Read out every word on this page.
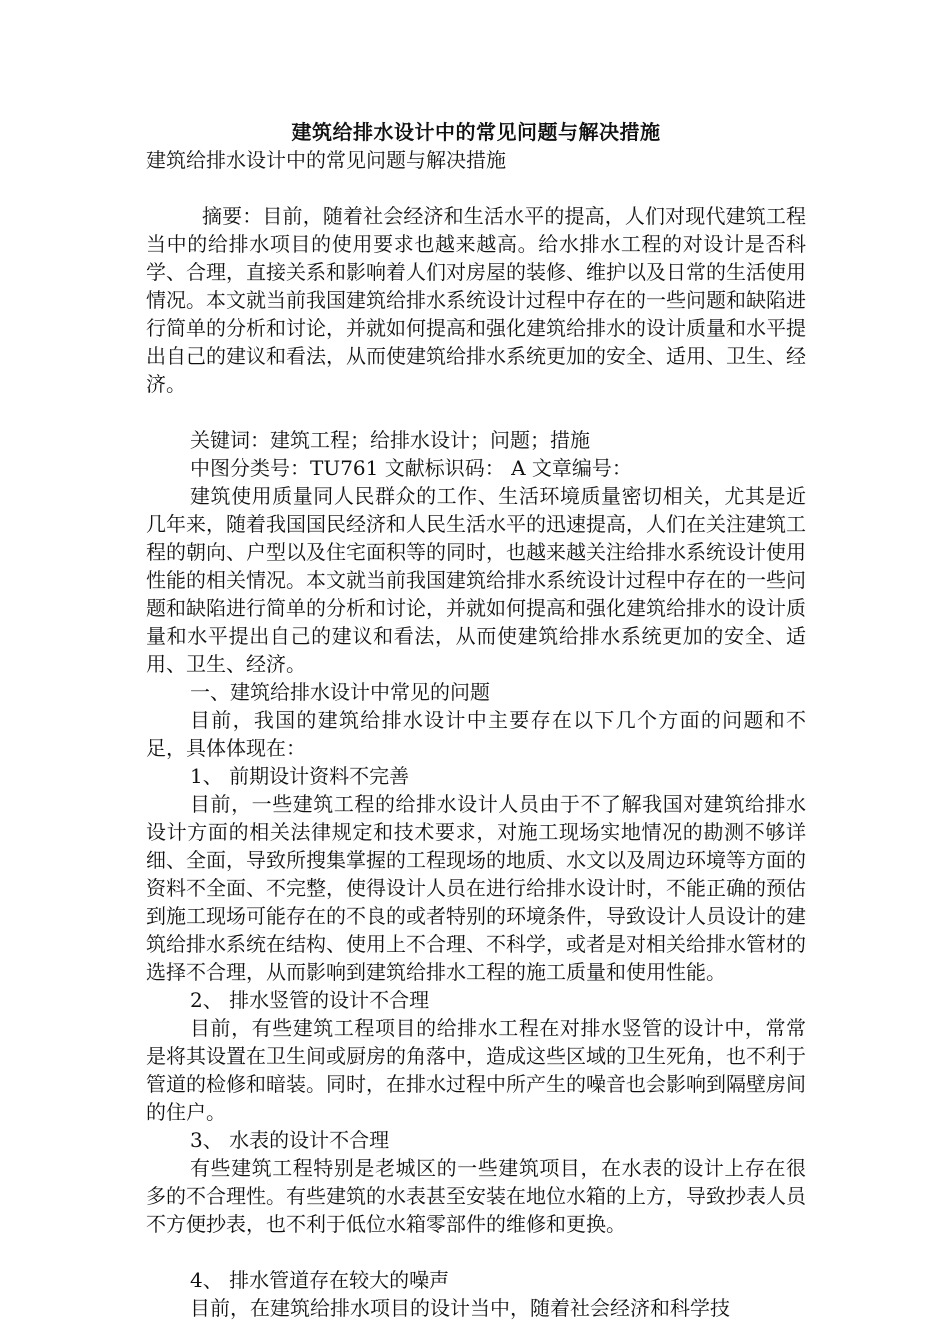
建筑给排水设计中的常见问题与解决措施

建筑给排水设计中的常见问题与解决措施

摘要：目前，随着社会经济和生活水平的提高，人们对现代建筑工程当中的给排水项目的使用要求也越来越高。给水排水工程的对设计是否科学、合理，直接关系和影响着人们对房屋的装修、维护以及日常的生活使用情况。本文就当前我国建筑给排水系统设计过程中存在的一些问题和缺陷进行简单的分析和讨论，并就如何提高和强化建筑给排水的设计质量和水平提出自己的建议和看法，从而使建筑给排水系统更加的安全、适用、卫生、经济。

关键词：建筑工程；给排水设计；问题；措施

中图分类号：TU761 文献标识码： A 文章编号：

建筑使用质量同人民群众的工作、生活环境质量密切相关，尤其是近几年来，随着我国国民经济和人民生活水平的迅速提高，人们在关注建筑工程的朝向、户型以及住宅面积等的同时，也越来越关注给排水系统设计使用性能的相关情况。本文就当前我国建筑给排水系统设计过程中存在的一些问题和缺陷进行简单的分析和讨论，并就如何提高和强化建筑给排水的设计质量和水平提出自己的建议和看法，从而使建筑给排水系统更加的安全、适用、卫生、经济。

一、建筑给排水设计中常见的问题

目前，我国的建筑给排水设计中主要存在以下几个方面的问题和不足，具体体现在：

1、 前期设计资料不完善

目前，一些建筑工程的给排水设计人员由于不了解我国对建筑给排水设计方面的相关法律规定和技术要求，对施工现场实地情况的勘测不够详细、全面，导致所搜集掌握的工程现场的地质、水文以及周边环境等方面的资料不全面、不完整，使得设计人员在进行给排水设计时，不能正确的预估到施工现场可能存在的不良的或者特别的环境条件，导致设计人员设计的建筑给排水系统在结构、使用上不合理、不科学，或者是对相关给排水管材的选择不合理，从而影响到建筑给排水工程的施工质量和使用性能。

2、 排水竖管的设计不合理

目前，有些建筑工程项目的给排水工程在对排水竖管的设计中，常常是将其设置在卫生间或厨房的角落中，造成这些区域的卫生死角，也不利于管道的检修和暗装。同时，在排水过程中所产生的噪音也会影响到隔壁房间的住户。

3、 水表的设计不合理

有些建筑工程特别是老城区的一些建筑项目，在水表的设计上存在很多的不合理性。有些建筑的水表甚至安装在地位水箱的上方，导致抄表人员不方便抄表，也不利于低位水箱零部件的维修和更换。

4、 排水管道存在较大的噪声

目前，在建筑给排水项目的设计当中，随着社会经济和科学技
